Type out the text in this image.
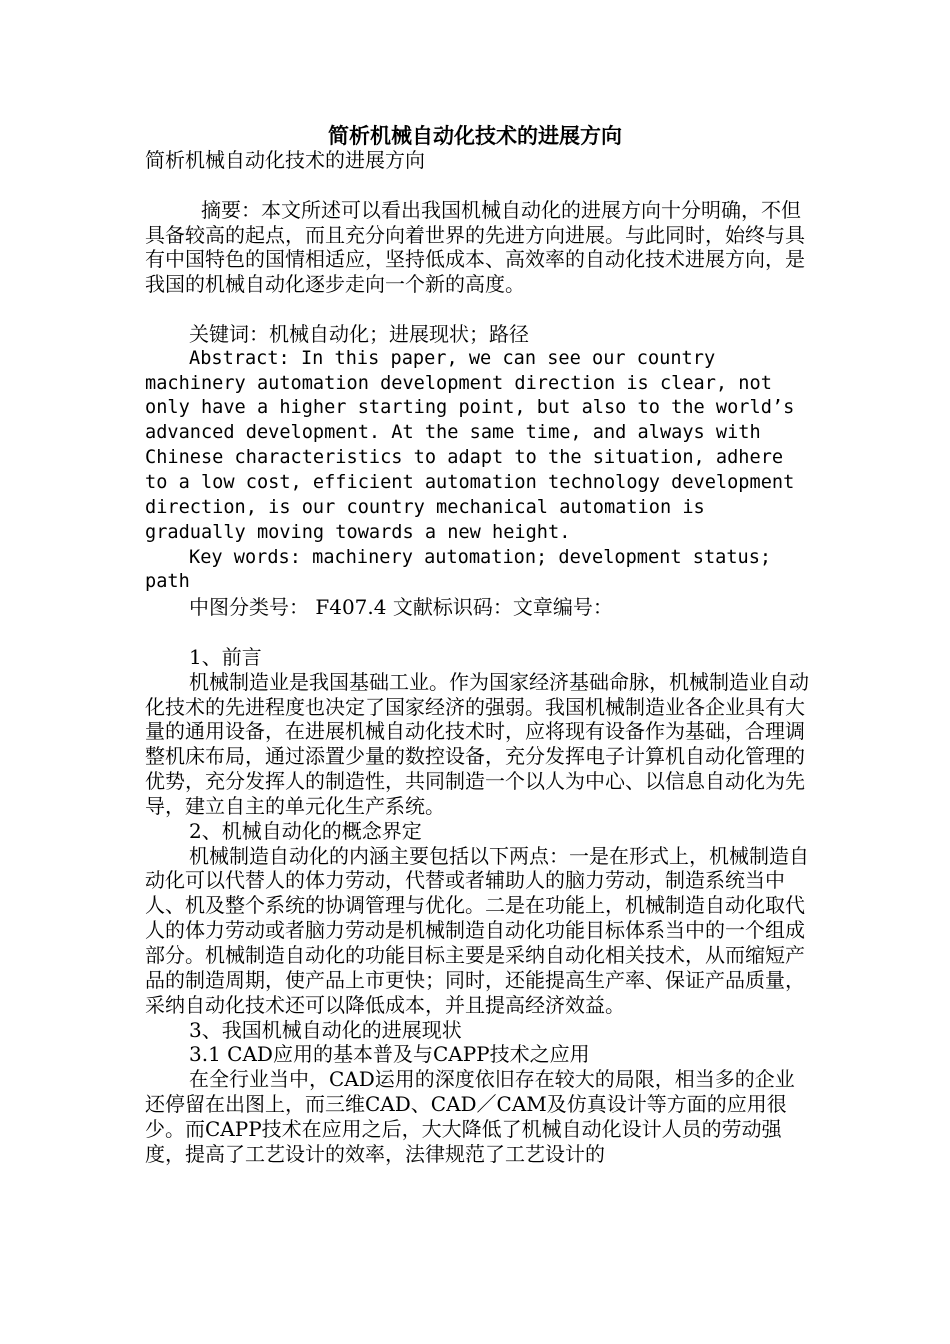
简析机械自动化技术的进展方向

简析机械自动化技术的进展方向

摘要：本文所述可以看出我国机械自动化的进展方向十分明确，不但具备较高的起点，而且充分向着世界的先进方向进展。与此同时，始终与具有中国特色的国情相适应，坚持低成本、高效率的自动化技术进展方向，是我国的机械自动化逐步走向一个新的高度。

关键词：机械自动化；进展现状；路径

Abstract: In this paper, we can see our country machinery automation development direction is clear, not only have a higher starting point, but also to the world’s advanced development. At the same time, and always with Chinese characteristics to adapt to the situation, adhere to a low cost, efficient automation technology development direction, is our country mechanical automation is gradually moving towards a new height.

Key words: machinery automation; development status; path

中图分类号： F407.4 文献标识码：文章编号：

1、前言

机械制造业是我国基础工业。作为国家经济基础命脉，机械制造业自动化技术的先进程度也决定了国家经济的强弱。我国机械制造业各企业具有大量的通用设备，在进展机械自动化技术时，应将现有设备作为基础，合理调整机床布局，通过添置少量的数控设备，充分发挥电子计算机自动化管理的优势，充分发挥人的制造性，共同制造一个以人为中心、以信息自动化为先导，建立自主的单元化生产系统。

2、机械自动化的概念界定

机械制造自动化的内涵主要包括以下两点：一是在形式上，机械制造自动化可以代替人的体力劳动，代替或者辅助人的脑力劳动，制造系统当中人、机及整个系统的协调管理与优化。二是在功能上，机械制造自动化取代人的体力劳动或者脑力劳动是机械制造自动化功能目标体系当中的一个组成部分。机械制造自动化的功能目标主要是采纳自动化相关技术，从而缩短产品的制造周期，使产品上市更快；同时，还能提高生产率、保证产品质量，采纳自动化技术还可以降低成本，并且提高经济效益。

3、我国机械自动化的进展现状

3.1 CAD应用的基本普及与CAPP技术之应用

在全行业当中，CAD运用的深度依旧存在较大的局限，相当多的企业还停留在出图上，而三维CAD、CAD／CAM及仿真设计等方面的应用很少。而CAPP技术在应用之后，大大降低了机械自动化设计人员的劳动强度，提高了工艺设计的效率，法律规范了工艺设计的
